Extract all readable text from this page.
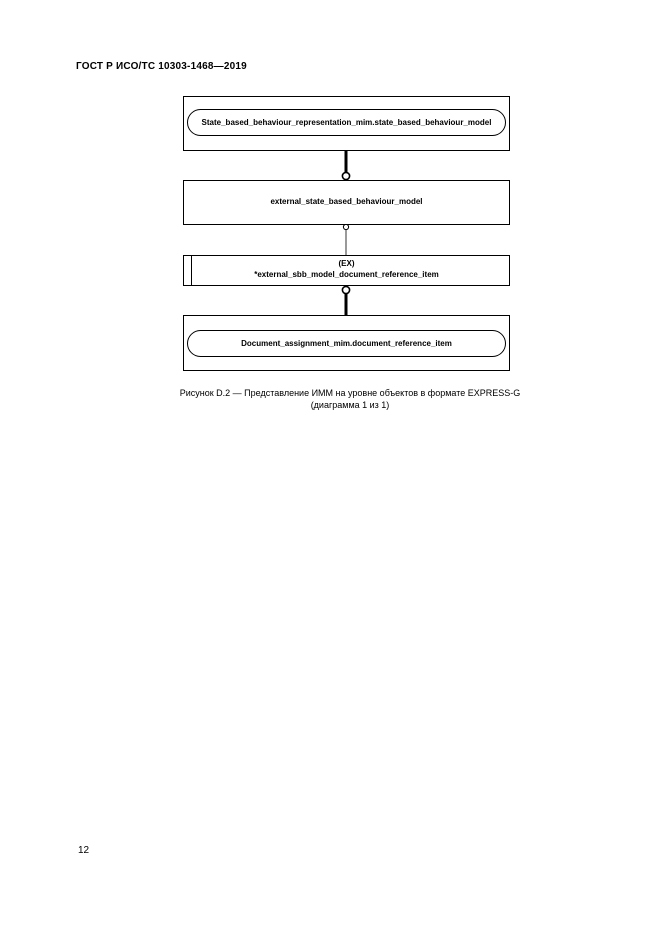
ГОСТ Р ИСО/ТС 10303-1468—2019
State_based_behaviour_representation_mim.state_based_behaviour_model
external_state_based_behaviour_model
(EX)
*external_sbb_model_document_reference_item
Document_assignment_mim.document_reference_item
Рисунок D.2 — Представление ИММ на уровне объектов в формате EXPRESS-G
(диаграмма 1 из 1)
12
